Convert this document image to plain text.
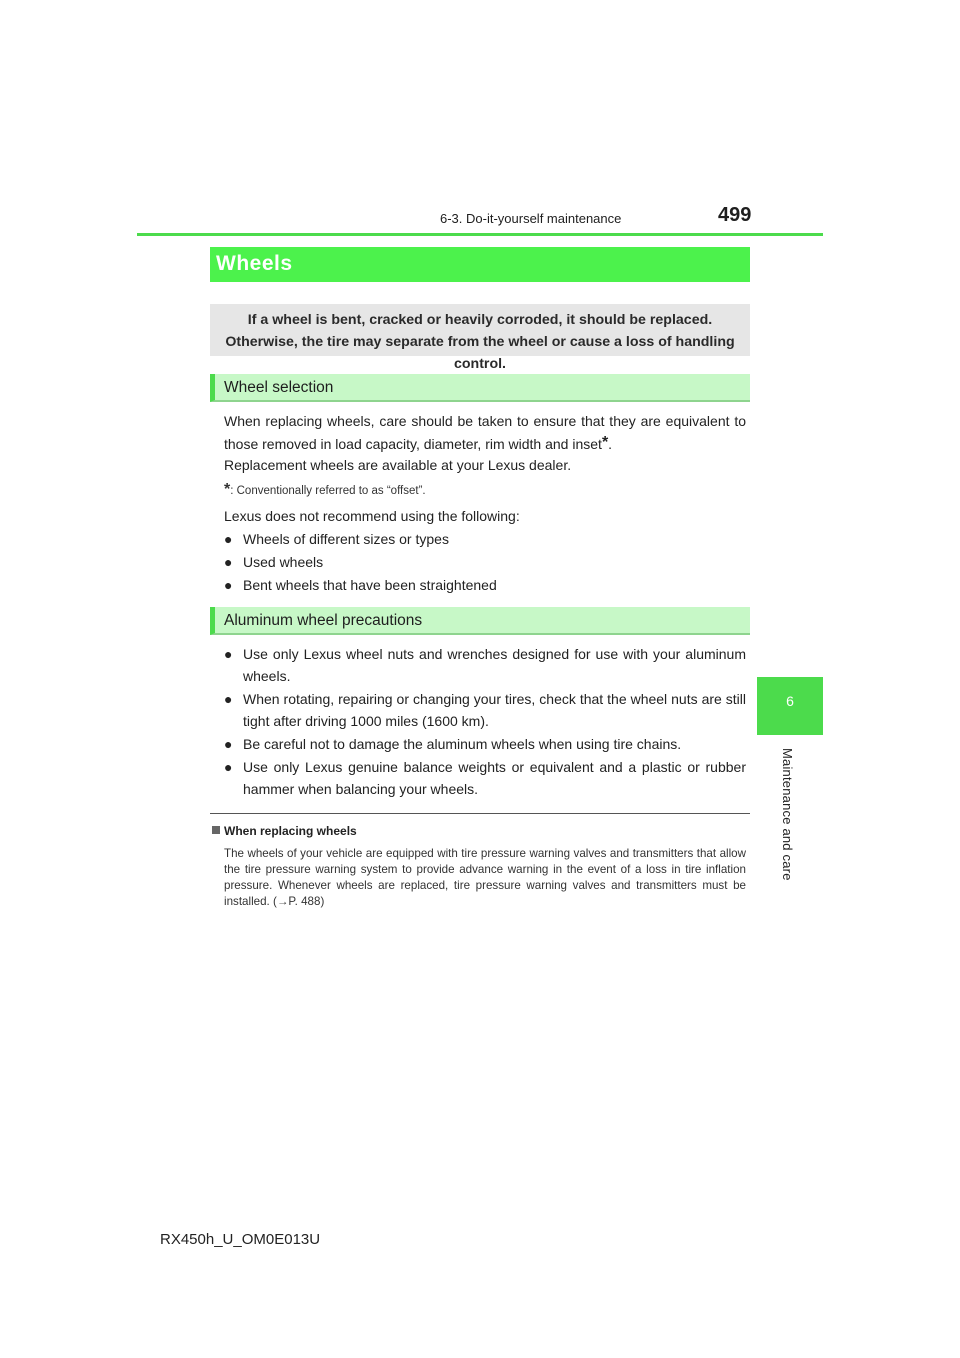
6-3. Do-it-yourself maintenance	499
6
Maintenance and care
Wheels
If a wheel is bent, cracked or heavily corroded, it should be replaced. Otherwise, the tire may separate from the wheel or cause a loss of handling control.
Wheel selection
When replacing wheels, care should be taken to ensure that they are equivalent to those removed in load capacity, diameter, rim width and inset*.
Replacement wheels are available at your Lexus dealer.
*: Conventionally referred to as “offset”.
Lexus does not recommend using the following:
● Wheels of different sizes or types
● Used wheels
● Bent wheels that have been straightened
Aluminum wheel precautions
● Use only Lexus wheel nuts and wrenches designed for use with your aluminum wheels.
● When rotating, repairing or changing your tires, check that the wheel nuts are still tight after driving 1000 miles (1600 km).
● Be careful not to damage the aluminum wheels when using tire chains.
● Use only Lexus genuine balance weights or equivalent and a plastic or rubber hammer when balancing your wheels.
When replacing wheels
The wheels of your vehicle are equipped with tire pressure warning valves and transmitters that allow the tire pressure warning system to provide advance warning in the event of a loss in tire inflation pressure. Whenever wheels are replaced, tire pressure warning valves and transmitters must be installed. (→P. 488)
RX450h_U_OM0E013U
